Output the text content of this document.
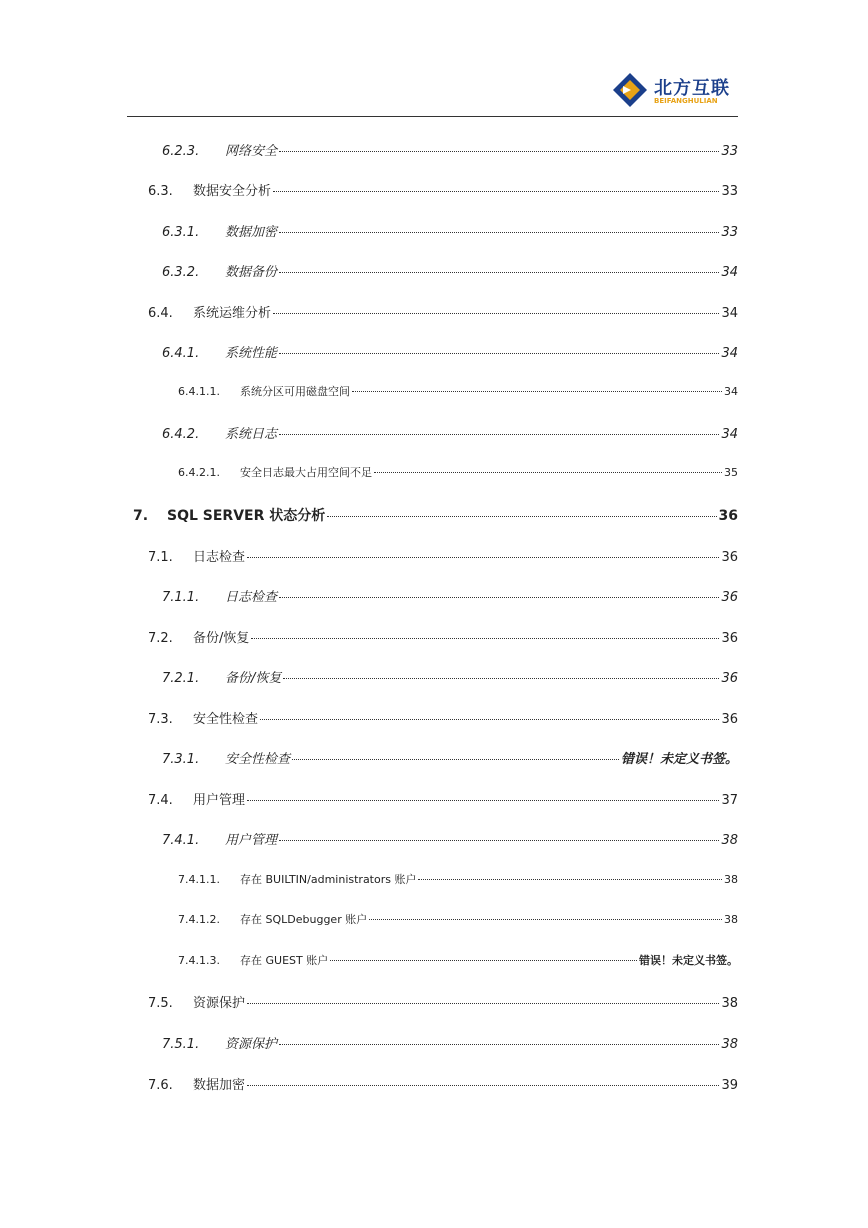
北方互联
BEIFANGHULIAN
6.2.3.	网络安全	33
6.3.	数据安全分析	33
6.3.1.	数据加密	33
6.3.2.	数据备份	34
6.4.	系统运维分析	34
6.4.1.	系统性能	34
6.4.1.1.	系统分区可用磁盘空间	34
6.4.2.	系统日志	34
6.4.2.1.	安全日志最大占用空间不足	35
7.	SQL SERVER 状态分析	36
7.1.	日志检查	36
7.1.1.	日志检查	36
7.2.	备份/恢复	36
7.2.1.	备份/恢复	36
7.3.	安全性检查	36
7.3.1.	安全性检查	错误！未定义书签。
7.4.	用户管理	37
7.4.1.	用户管理	38
7.4.1.1.	存在 BUILTIN/administrators 账户	38
7.4.1.2.	存在 SQLDebugger 账户	38
7.4.1.3.	存在 GUEST 账户	错误！未定义书签。
7.5.	资源保护	38
7.5.1.	资源保护	38
7.6.	数据加密	39
